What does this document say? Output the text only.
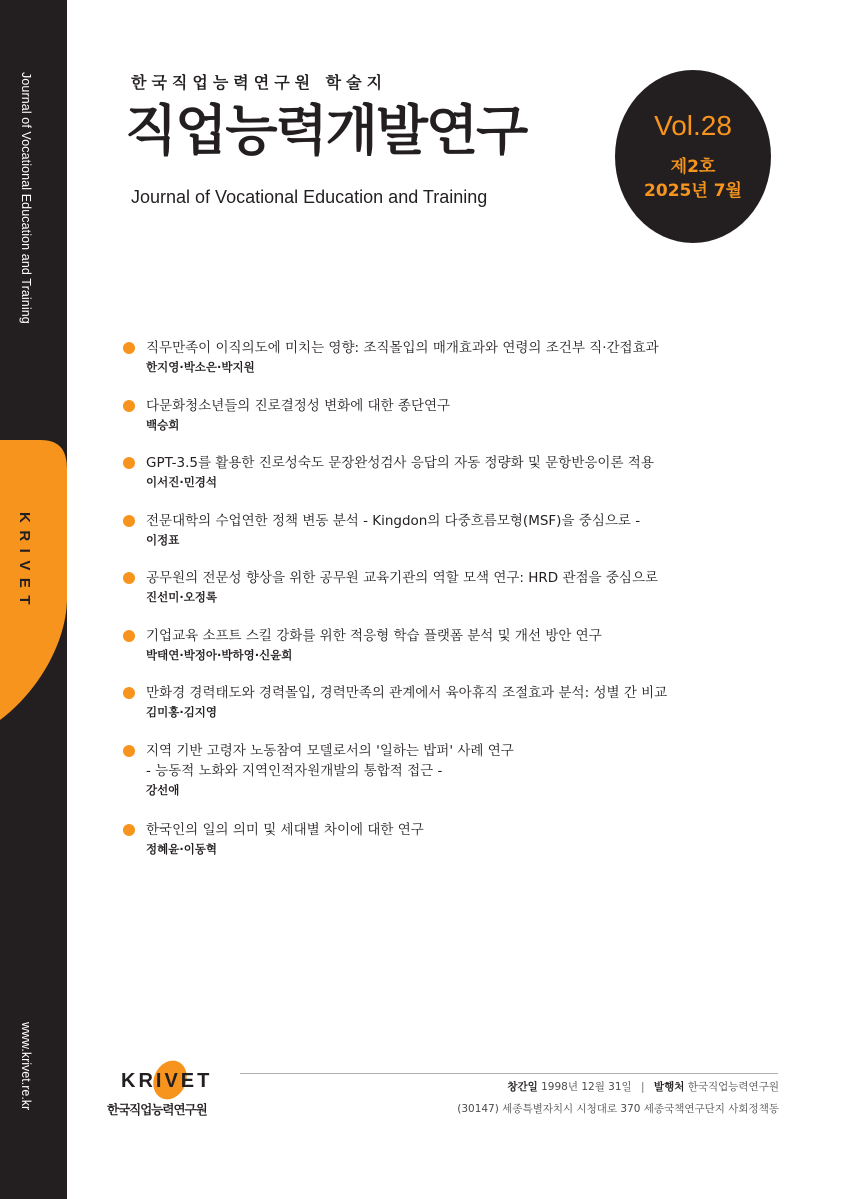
Journal of Vocational Education and Training
KRIVET
www.krivet.re.kr
한국직업능력연구원 학술지
직업능력개발연구
Journal of Vocational Education and Training
Vol.28
제2호
2025년 7월
직무만족이 이직의도에 미치는 영향: 조직몰입의 매개효과와 연령의 조건부 직·간접효과
한지영·박소은·박지원
다문화청소년들의 진로결정성 변화에 대한 종단연구
백승희
GPT-3.5를 활용한 진로성숙도 문장완성검사 응답의 자동 정량화 및 문항반응이론 적용
이서진·민경석
전문대학의 수업연한 정책 변동 분석 - Kingdon의 다중흐름모형(MSF)을 중심으로 -
이정표
공무원의 전문성 향상을 위한 공무원 교육기관의 역할 모색 연구: HRD 관점을 중심으로
진선미·오정록
기업교육 소프트 스킬 강화를 위한 적응형 학습 플랫폼 분석 및 개선 방안 연구
박태연·박정아·박하영·신윤희
만화경 경력태도와 경력몰입, 경력만족의 관계에서 육아휴직 조절효과 분석: 성별 간 비교
김미홍·김지영
지역 기반 고령자 노동참여 모델로서의 '일하는 밥퍼' 사례 연구
- 능동적 노화와 지역인적자원개발의 통합적 접근 -
강선애
한국인의 일의 의미 및 세대별 차이에 대한 연구
정혜윤·이동혁
KRIVET
한국직업능력연구원
창간일 1998년 12월 31일 | 발행처 한국직업능력연구원
(30147) 세종특별자치시 시청대로 370 세종국책연구단지 사회정책동
